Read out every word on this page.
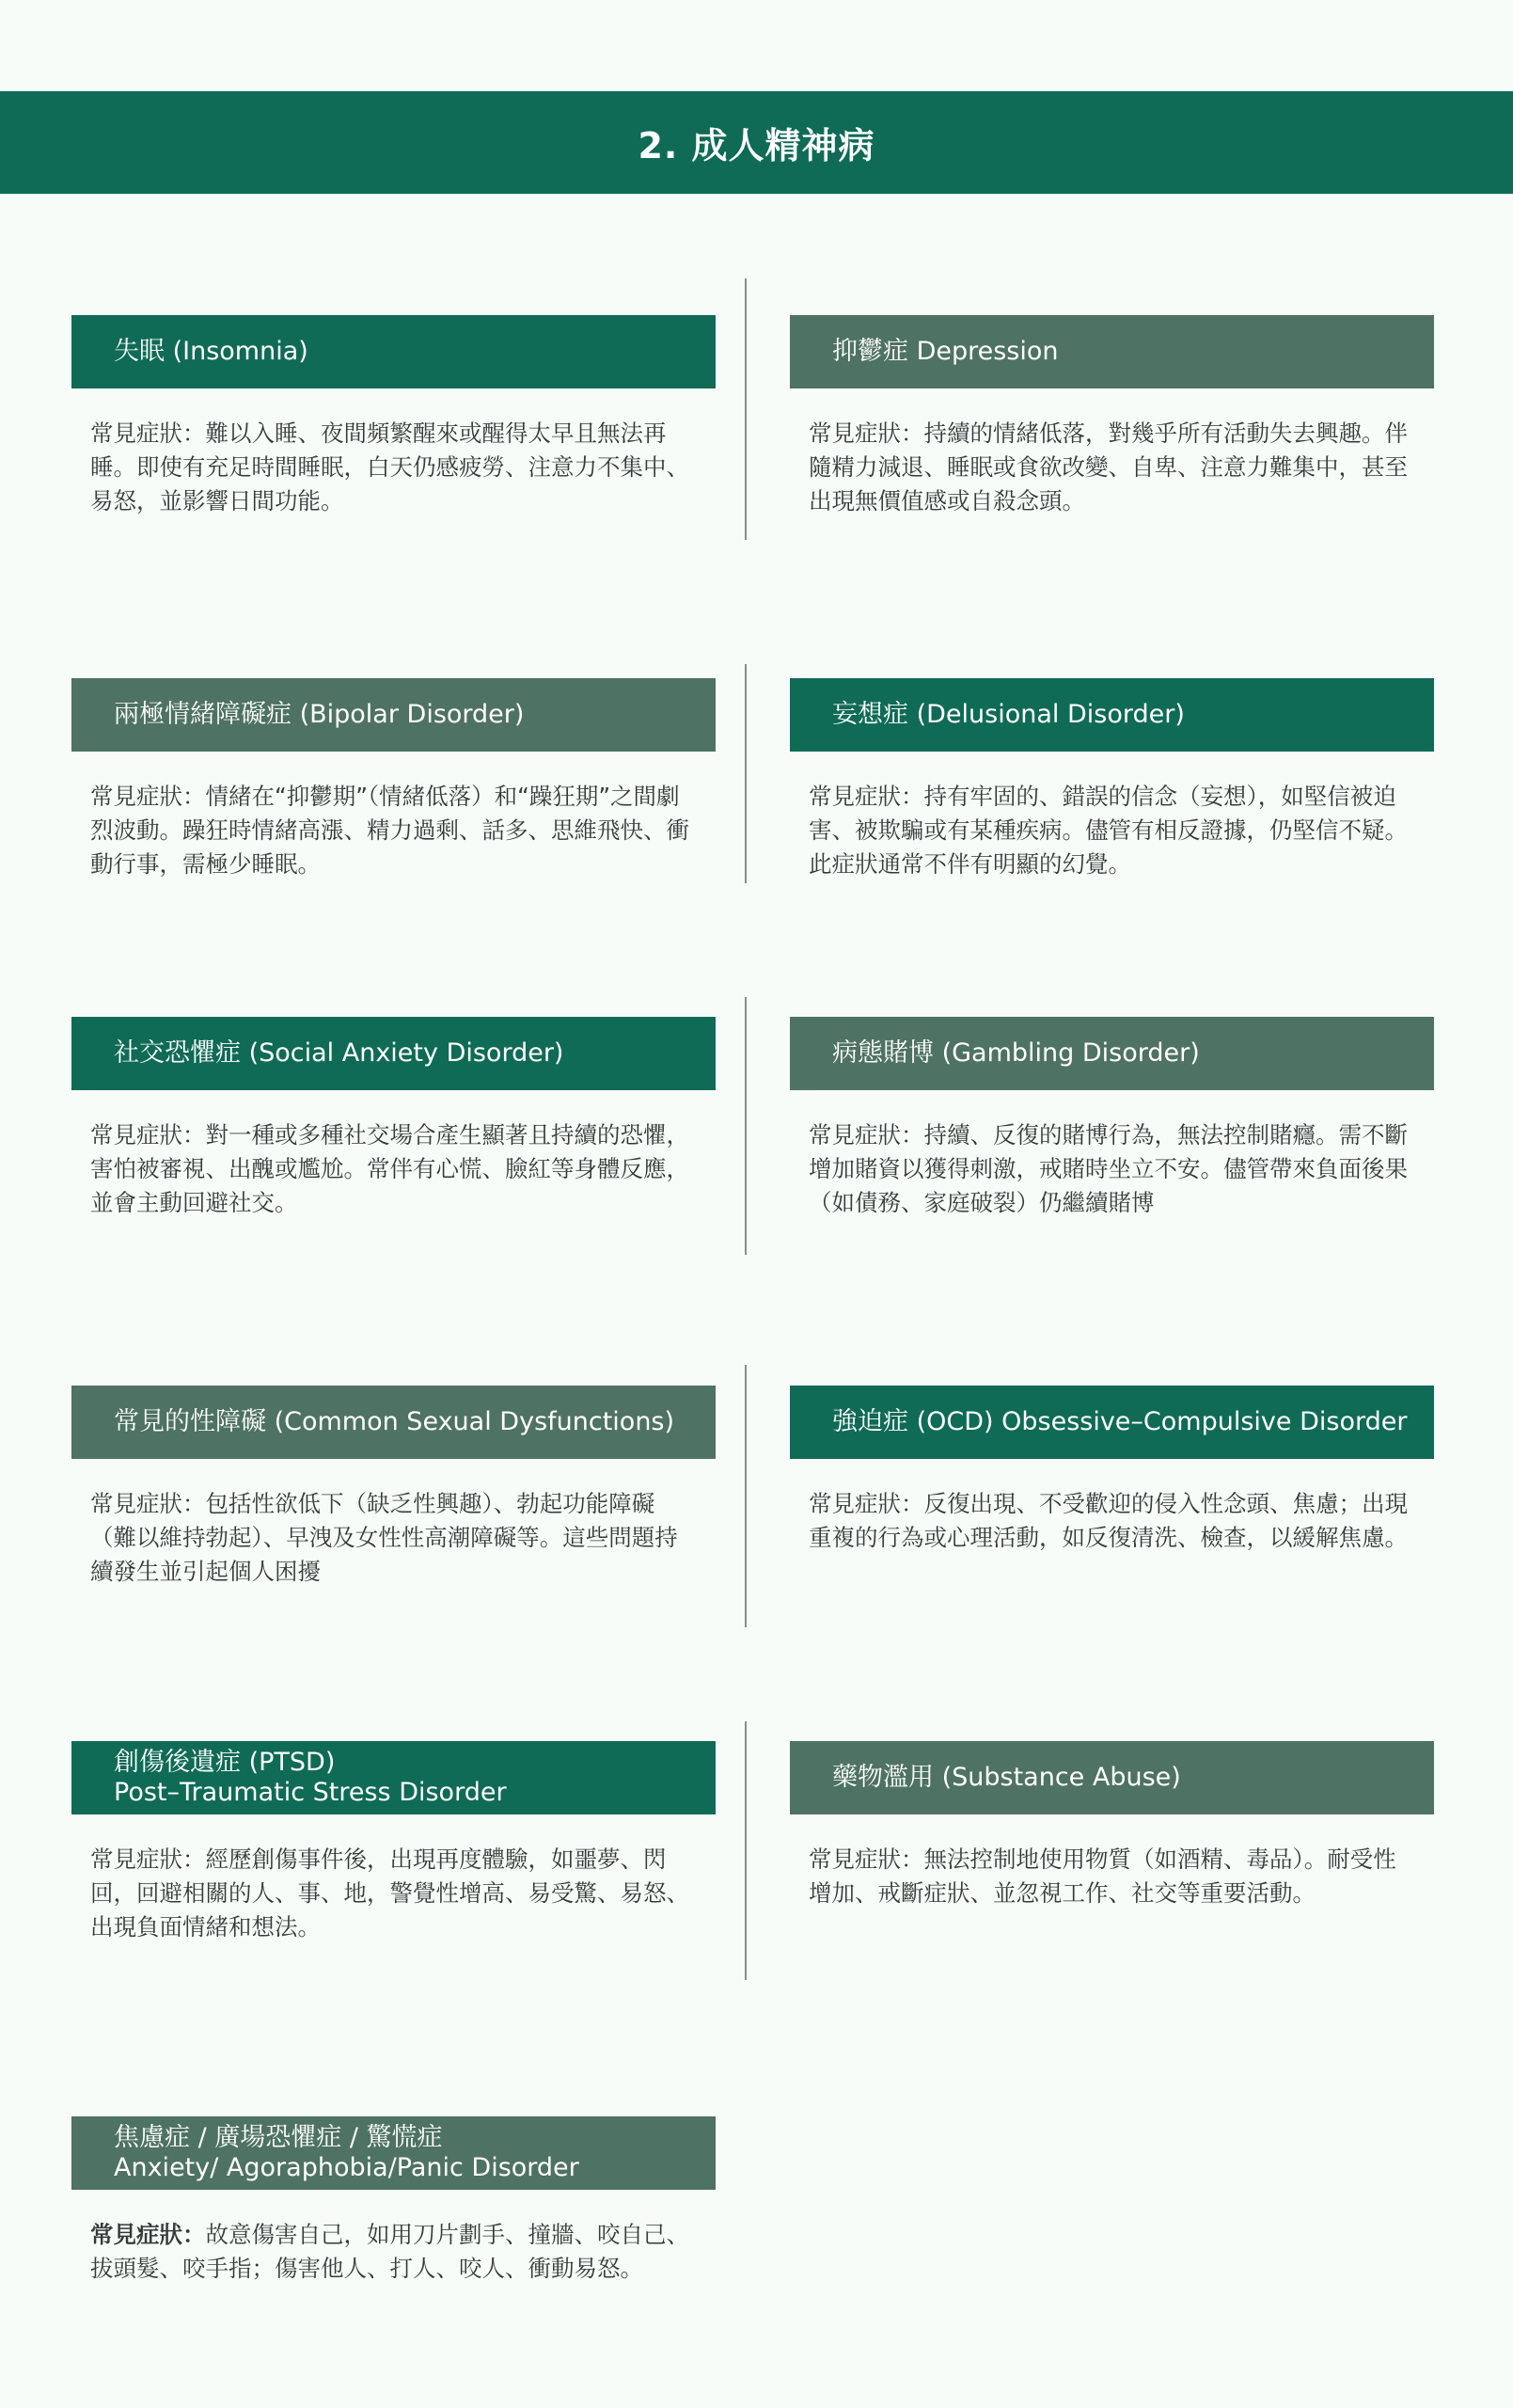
2. 成人精神病
失眠 (Insomnia)
常見症狀：難以入睡、夜間頻繁醒來或醒得太早且無法再睡。即使有充足時間睡眠，白天仍感疲勞、注意力不集中、易怒，並影響日間功能。
抑鬱症 Depression
常見症狀：持續的情緒低落，對幾乎所有活動失去興趣。伴隨精力減退、睡眠或食欲改變、自卑、注意力難集中，甚至出現無價值感或自殺念頭。
兩極情緒障礙症 (Bipolar Disorder)
常見症狀：情緒在“抑鬱期”（情緒低落）和“躁狂期”之間劇烈波動。躁狂時情緒高漲、精力過剩、話多、思維飛快、衝動行事，需極少睡眠。
妄想症 (Delusional Disorder)
常見症狀：持有牢固的、錯誤的信念（妄想），如堅信被迫害、被欺騙或有某種疾病。儘管有相反證據，仍堅信不疑。此症狀通常不伴有明顯的幻覺。
社交恐懼症 (Social Anxiety Disorder)
常見症狀：對一種或多種社交場合產生顯著且持續的恐懼，害怕被審視、出醜或尷尬。常伴有心慌、臉紅等身體反應，並會主動回避社交。
病態賭博 (Gambling Disorder)
常見症狀：持續、反復的賭博行為，無法控制賭癮。需不斷增加賭資以獲得刺激，戒賭時坐立不安。儘管帶來負面後果（如債務、家庭破裂）仍繼續賭博
常見的性障礙 (Common Sexual Dysfunctions)
常見症狀：包括性欲低下（缺乏性興趣）、勃起功能障礙（難以維持勃起）、早洩及女性性高潮障礙等。這些問題持續發生並引起個人困擾
強迫症 (OCD) Obsessive–Compulsive Disorder
常見症狀：反復出現、不受歡迎的侵入性念頭、焦慮；出現重複的行為或心理活動，如反復清洗、檢查，以緩解焦慮。
創傷後遺症 (PTSD)
Post–Traumatic Stress Disorder
常見症狀：經歷創傷事件後，出現再度體驗，如噩夢、閃回，回避相關的人、事、地，警覺性增高、易受驚、易怒、出現負面情緒和想法。
藥物濫用 (Substance Abuse)
常見症狀：無法控制地使用物質（如酒精、毒品）。耐受性增加、戒斷症狀、並忽視工作、社交等重要活動。
焦慮症 / 廣場恐懼症 / 驚慌症
Anxiety/ Agoraphobia/Panic Disorder
常見症狀：故意傷害自己，如用刀片劃手、撞牆、咬自己、拔頭髮、咬手指；傷害他人、打人、咬人、衝動易怒。
